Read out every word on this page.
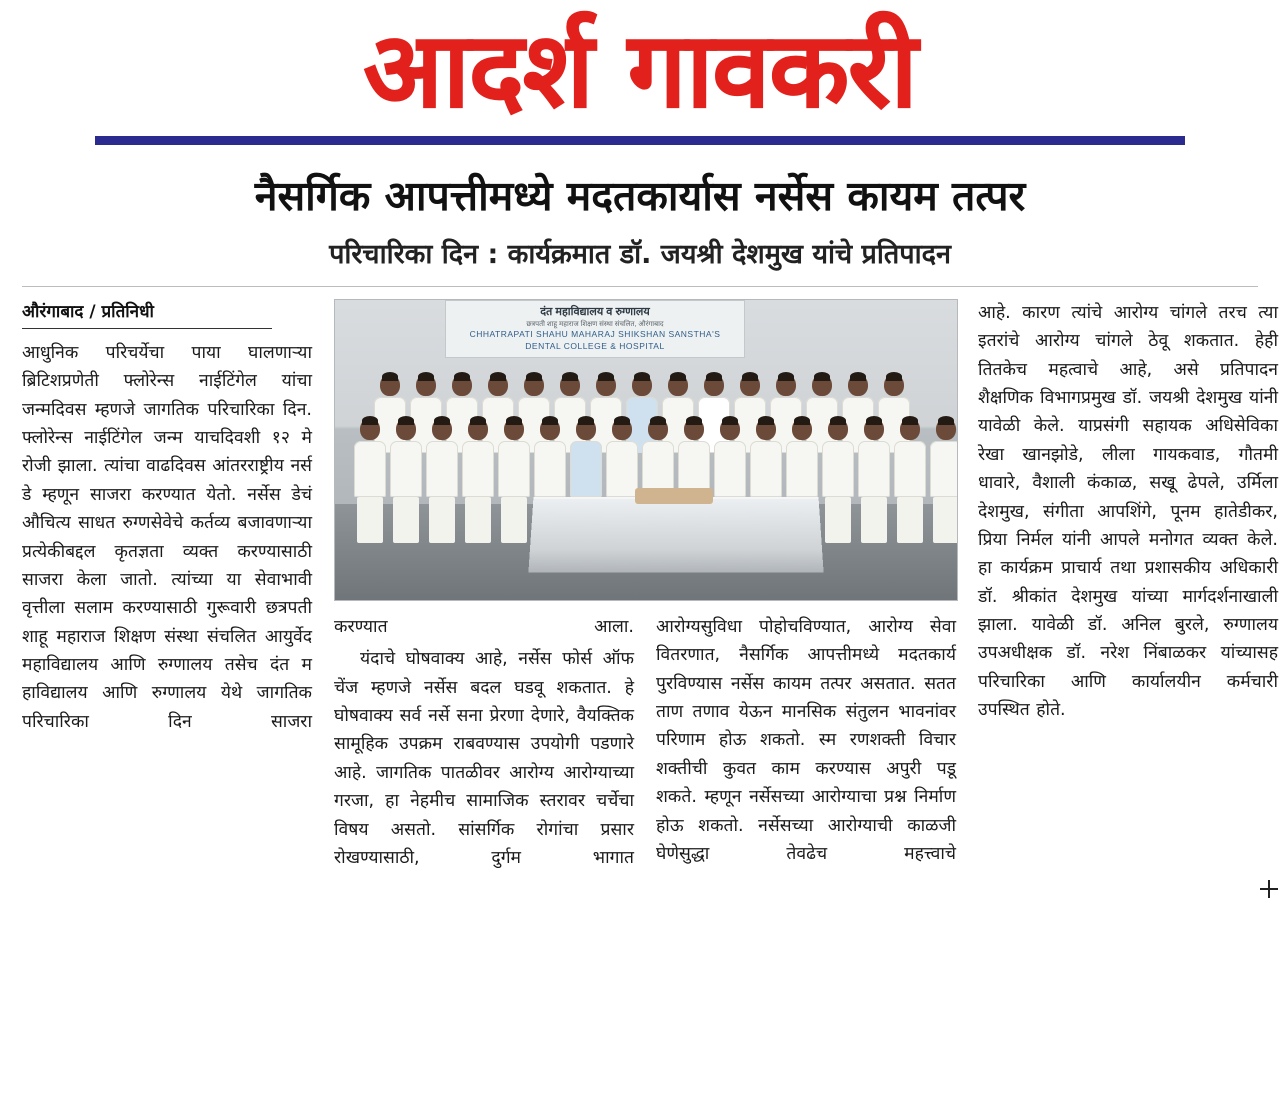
आदर्श गावकरी
नैसर्गिक आपत्तीमध्ये मदतकार्यास नर्सेस कायम तत्पर
परिचारिका दिन : कार्यक्रमात डॉ. जयश्री देशमुख यांचे प्रतिपादन
औरंगाबाद / प्रतिनिधी

आधुनिक परिचर्येचा पाया घालणाऱ्या ब्रिटिशप्रणेती फ्लोरेन्स नाईटिंगेल यांचा जन्मदिवस म्हणजे जागतिक परिचारिका दिन. फ्लोरेन्स नाईटिंगेल जन्म याचदिवशी १२ मे रोजी झाला. त्यांचा वाढदिवस आंतरराष्ट्रीय नर्स डे म्हणून साजरा करण्यात येतो. नर्सेस डेचं औचित्य साधत रुग्णसेवेचे कर्तव्य बजावणाऱ्या प्रत्येकीबद्दल कृतज्ञता व्यक्त करण्यासाठी साजरा केला जातो. त्यांच्या या सेवाभावी वृत्तीला सलाम करण्यासाठी गुरूवारी छत्रपती शाहू महाराज शिक्षण संस्था संचलित आयुर्वेद महाविद्यालय आणि रुग्णालय तसेच दंत म हाविद्यालय आणि रुग्णालय येथे जागतिक परिचारिका दिन साजरा

दंत महाविद्यालय व रुग्णालय
छत्रपती शाहू महाराज शिक्षण संस्था संचलित, औरंगाबाद
CHHATRAPATI SHAHU MAHARAJ SHIKSHAN SANSTHA'S
DENTAL COLLEGE & HOSPITAL

करण्यात आला.

यंदाचे घोषवाक्य आहे, नर्सेस फोर्स ऑफ चेंज म्हणजे नर्सेस बदल घडवू शकतात. हे घोषवाक्य सर्व नर्से सना प्रेरणा देणारे, वैयक्तिक सामूहिक उपक्रम राबवण्यास उपयोगी पडणारे आहे. जागतिक पातळीवर आरोग्य आरोग्याच्या गरजा, हा नेहमीच सामाजिक स्तरावर चर्चेचा विषय असतो. सांसर्गिक रोगांचा प्रसार रोखण्यासाठी, दुर्गम भागात

आरोग्यसुविधा पोहोचविण्यात, आरोग्य सेवा वितरणात, नैसर्गिक आपत्तीमध्ये मदतकार्य पुरविण्यास नर्सेस कायम तत्पर असतात. सतत ताण तणाव येऊन मानसिक संतुलन भावनांवर परिणाम होऊ शकतो. स्म रणशक्ती विचार शक्तीची कुवत काम करण्यास अपुरी पडू शकते. म्हणून नर्सेसच्या आरोग्याचा प्रश्न निर्माण होऊ शकतो. नर्सेसच्या आरोग्याची काळजी घेणेसुद्धा तेवढेच महत्त्वाचे

आहे. कारण त्यांचे आरोग्य चांगले तरच त्या इतरांचे आरोग्य चांगले ठेवू शकतात. हेही तितकेच महत्वाचे आहे, असे प्रतिपादन शैक्षणिक विभागप्रमुख डॉ. जयश्री देशमुख यांनी यावेळी केले. याप्रसंगी सहायक अधिसेविका रेखा खानझोडे, लीला गायकवाड, गौतमी धावारे, वैशाली कंकाळ, सखू ढेपले, उर्मिला देशमुख, संगीता आपशिंगे, पूनम हातेडीकर, प्रिया निर्मल यांनी आपले मनोगत व्यक्त केले. हा कार्यक्रम प्राचार्य तथा प्रशासकीय अधिकारी डॉ. श्रीकांत देशमुख यांच्या मार्गदर्शनाखाली झाला. यावेळी डॉ. अनिल बुरले, रुग्णालय उपअधीक्षक डॉ. नरेश निंबाळकर यांच्यासह परिचारिका आणि कार्यालयीन कर्मचारी उपस्थित होते.
